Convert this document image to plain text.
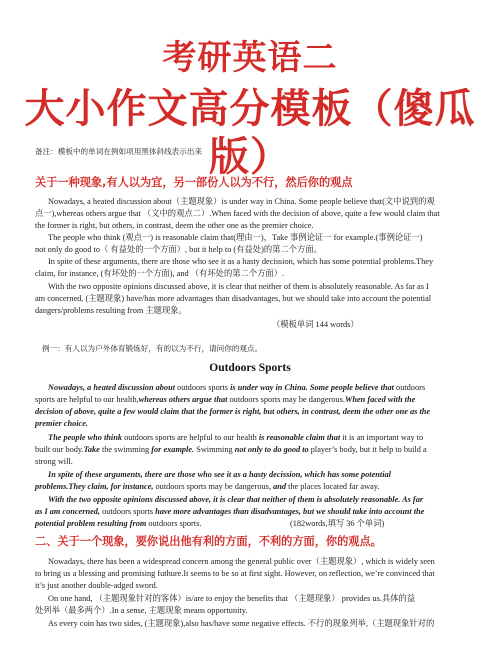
考研英语二
大小作文高分模板（傻瓜版）
备注：模板中的单词在例如项用黑体斜线表示出来
关于一种现象,有人以为宜，另一部份人以为不行，然后你的观点
Nowadays, a heated discussion about（主题现象）is under way in China. Some people believe that(文中说到的观
点一),whereas others argue that （文中的观点二）.When faced with the decision of above, quite a few would claim that
the former is right, but others, in contrast, deem the other one as the premier choice.
The people who think (观点一) is reasonable claim that(理由一)，Take 事例论证一 for example.(事例论证一)
not only do good to（ 有益处的一个方面）, but it help to (有益处)的第二个方面。
In spite of these arguments, there are those who see it as a hasty decission, which has some potential problems.They
claim, for instance, (有坏处的一个方面), and （有坏处的第二个方面）.
With the two opposite opinions discussed above, it is clear that neither of them is absolutely reasonable. As far as I
am concerned, (主题现象) have/has more advantages than disadvantages, but we should take into account the potential
dangers/problems resulting from 主题现象。
（模板单词 144 words）
例一：有人以为户外体育锻炼好，有的以为不行，请问你的观点。
Outdoors Sports
Nowadays, a heated discussion about outdoors sports is under way in China. Some people believe that outdoors
sports are helpful to our health,whereas others argue that outdoors sports may be dangerous.When faced with the
decision of above, quite a few would claim that the former is right, but others, in contrast, deem the other one as the
premier choice.
The people who think outdoors sports are helpful to our health is reasonable claim that it is an important way to
built our body.Take the swimming for example. Swimming not only to do good to player’s body, but it help to build a
strong will.
In spite of these arguments, there are those who see it as a hasty decission, which has some potential
problems.They claim, for instance, outdoors sports may be dangerous, and the places located far away.
With the two opposite opinions discussed above, it is clear that neither of them is absolutely reasonable. As far
as I am concerned, outdoors sports have more advantages than disadvantages, but we should take into account the
potential problem resulting from outdoors sports.	(182words,填写 36 个单词)
二、关于一个现象，要你说出他有利的方面，不利的方面，你的观点。
Nowadays, there has been a widespread concern among the general public over（主题现象）, which is widely seen
to bring us a blessing and promising futhure.It seems to be so at first sight. However, on reflection, we’re convinced that
it’s just another double-adged sword.
On one hand, （主题现象针对的客体）is/are to enjoy the benefits that （主题现象） provides us.具体的益
处列举（最多两个）.In a sense, 主题现象 means opportunity.
As every coin has two sides, (主题现象),also has/have some negative effects. 不行的现象列举,（主题现象针对的
